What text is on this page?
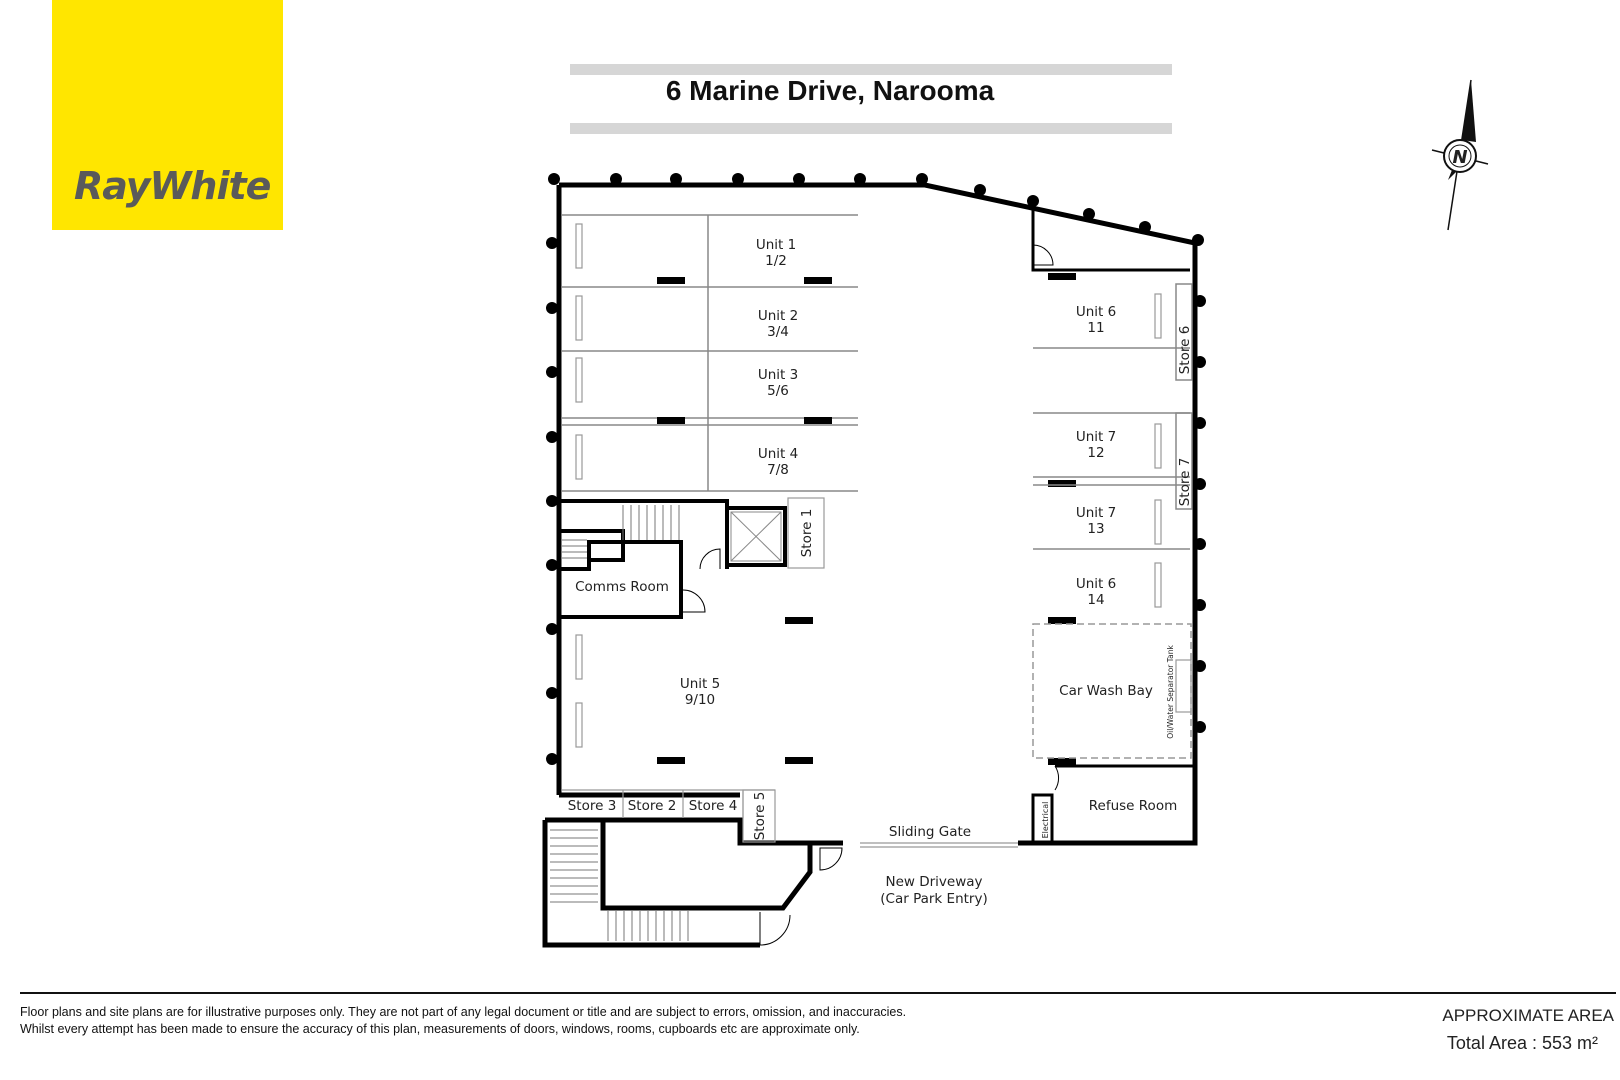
RayWhite
6 Marine Drive, Narooma
N
Unit 1
1/2
Unit 2
3/4
Unit 3
5/6
Unit 4
7/8
Unit 5
9/10
Unit 6
11
Unit 7
12
Unit 7
13
Unit 6
14
Comms Room
Car Wash Bay
Refuse Room
Store 3 Store 2 Store 4
Sliding Gate
New Driveway
(Car Park Entry)
Store 1
Store 5
Store 6
Store 7
Electrical
Oil/Water Separator Tank
Floor plans and site plans are for illustrative purposes only. They are not part of any legal document or title and are subject to errors, omission, and inaccuracies.
Whilst every attempt has been made to ensure the accuracy of this plan, measurements of doors, windows, rooms, cupboards etc are approximate only.
APPROXIMATE AREA
Total Area : 553 m²
